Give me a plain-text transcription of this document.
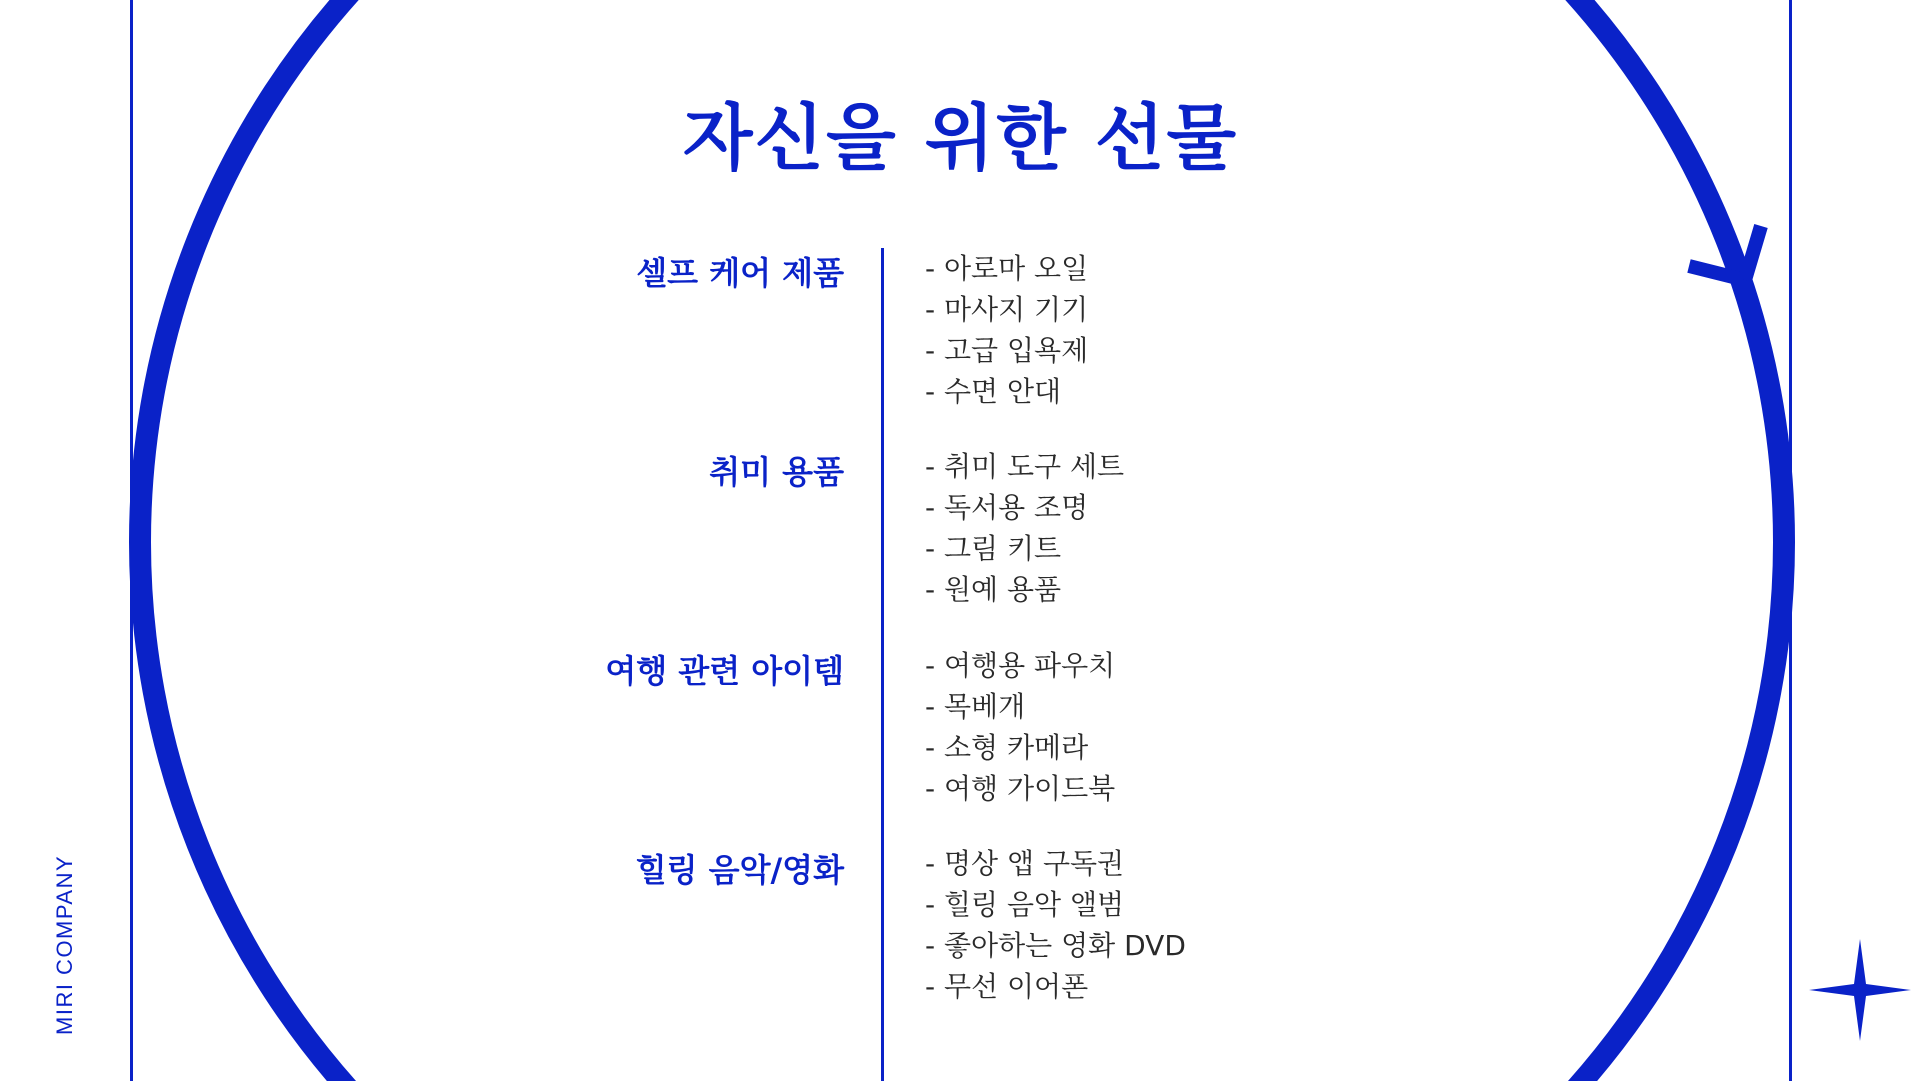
MIRI COMPANY
자신을 위한 선물
셀프 케어 제품	- 아로마 오일
- 마사지 기기
- 고급 입욕제
- 수면 안대
취미 용품	- 취미 도구 세트
- 독서용 조명
- 그림 키트
- 원예 용품
여행 관련 아이템	- 여행용 파우치
- 목베개
- 소형 카메라
- 여행 가이드북
힐링 음악/영화	- 명상 앱 구독권
- 힐링 음악 앨범
- 좋아하는 영화 DVD
- 무선 이어폰
